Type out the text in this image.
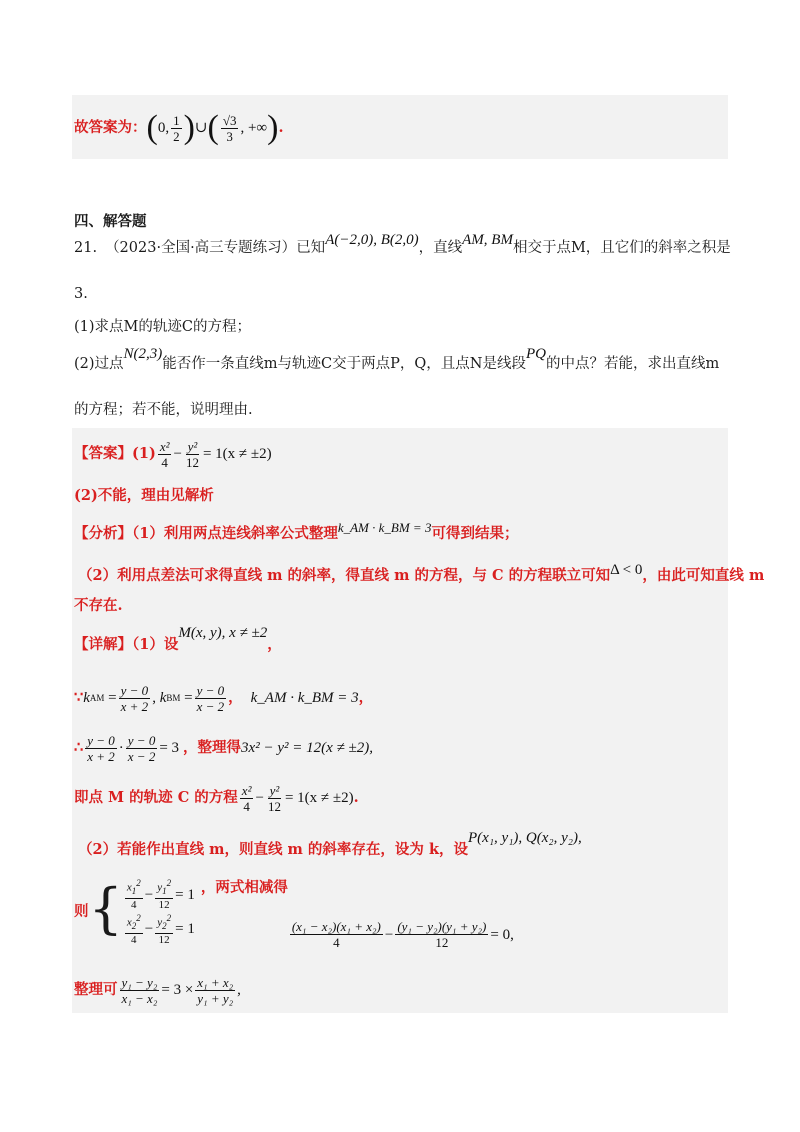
故答案为： ( 0, $\frac{1}{2}$ ) ∪ ( $\frac{√3}{3}$ , +∞ ) .
四、解答题
21. （2023·全国·高三专题练习） 已知 A(−2,0), B(2,0) ，直线 AM, BM 相交于点M，且它们的斜率之积是
3.
(1)求点M的轨迹C的方程；
(2)过点
N(2,3)
能否作一条直线m与轨迹C交于两点P，Q，且点N是线段
PQ
的中点？若能，求出直线m
的方程；若不能，说明理由.
【答案】$(1) \frac{\text{x²}}{4} - \frac{\text{y²}}{12} = 1(x \ne \pm 2)$
(2)不能，理由见解析
【分析】（1）利用两点连线斜率公式整理 k_AM · k_BM = 3 可得到结果；
（2）利用点差法可求得直线 m 的斜率，得直线 m 的方程，与 C 的方程联立可知 Δ < 0 ，由此可知直线 m
不存在.
【详解】（1）设
M(x, y), x ≠ ±2
，
∵ k AM = $\frac{y - 0}{x + 2}$ , k BM = $\frac{y - 0}{x - 2}$ ， k_AM · k_BM = 3 ，
∴ $\frac{y - 0}{x + 2} \cdot \frac{y - 0}{x - 2} = 3$ ， 整理得 3x² − y² = 12(x ≠ ±2),
即点 M 的轨迹 C 的方程 $\frac{\text{x²}}{4} - \frac{\text{y²}}{12} = 1(x \ne \pm 2)$ .
（2）若能作出直线 m，则直线 m 的斜率存在，设为 k，设
P(x₁, y₁), Q(x₂, y₂),
则 { $\frac{x_1^2}{4} - \frac{y_1^2}{12} = 1$
$\frac{x_2^2}{4} - \frac{y_2^2}{12} = 1$
，两式相减得
$\frac{\text{(x₁ − x₂)(x₁ + x₂)}}{4} - \frac{\text{(y₁ − y₂)(y₁ + y₂)}}{12} = 0$,
整理可 $\frac{\text{y₁ − y₂}}{\text{x₁ − x₂}} = 3 \times \frac{\text{x₁ + x₂}}{\text{y₁ + y₂}}$ ,
